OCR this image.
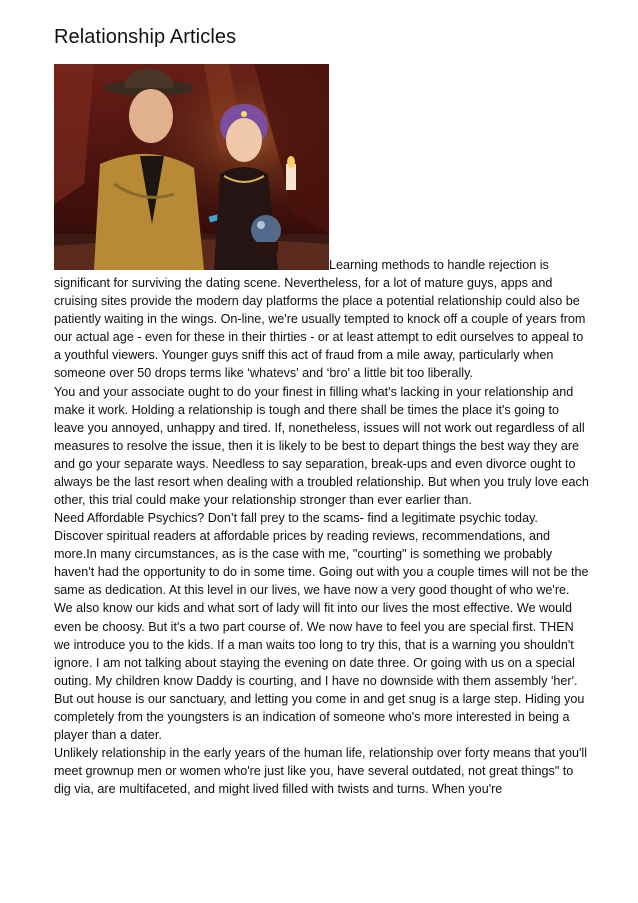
Relationship Articles

Learning methods to handle rejection is significant for surviving the dating scene. Nevertheless, for a lot of mature guys, apps and cruising sites provide the modern day platforms the place a potential relationship could also be patiently waiting in the wings. On-line, we're usually tempted to knock off a couple of years from our actual age - even for these in their thirties - or at least attempt to edit ourselves to appeal to a youthful viewers. Younger guys sniff this act of fraud from a mile away, particularly when someone over 50 drops terms like ‘whatevs' and ‘bro' a little bit too liberally.

You and your associate ought to do your finest in filling what's lacking in your relationship and make it work. Holding a relationship is tough and there shall be times the place it's going to leave you annoyed, unhappy and tired. If, nonetheless, issues will not work out regardless of all measures to resolve the issue, then it is likely to be best to depart things the best way they are and go your separate ways. Needless to say separation, break-ups and even divorce ought to always be the last resort when dealing with a troubled relationship. But when you truly love each other, this trial could make your relationship stronger than ever earlier than.

Need Affordable Psychics? Don’t fall prey to the scams- find a legitimate psychic today. Discover spiritual readers at affordable prices by reading reviews, recommendations, and more.In many circumstances, as is the case with me, "courting" is something we probably haven't had the opportunity to do in some time. Going out with you a couple times will not be the same as dedication. At this level in our lives, we have now a very good thought of who we're. We also know our kids and what sort of lady will fit into our lives the most effective. We would even be choosy. But it's a two part course of. We now have to feel you are special first. THEN we introduce you to the kids. If a man waits too long to try this, that is a warning you shouldn't ignore. I am not talking about staying the evening on date three. Or going with us on a special outing. My children know Daddy is courting, and I have no downside with them assembly 'her'. But out house is our sanctuary, and letting you come in and get snug is a large step. Hiding you completely from the youngsters is an indication of someone who's more interested in being a player than a dater.

Unlikely relationship in the early years of the human life, relationship over forty means that you'll meet grownup men or women who're just like you, have several outdated, not great things" to dig via, are multifaceted, and might lived filled with twists and turns. When you're
